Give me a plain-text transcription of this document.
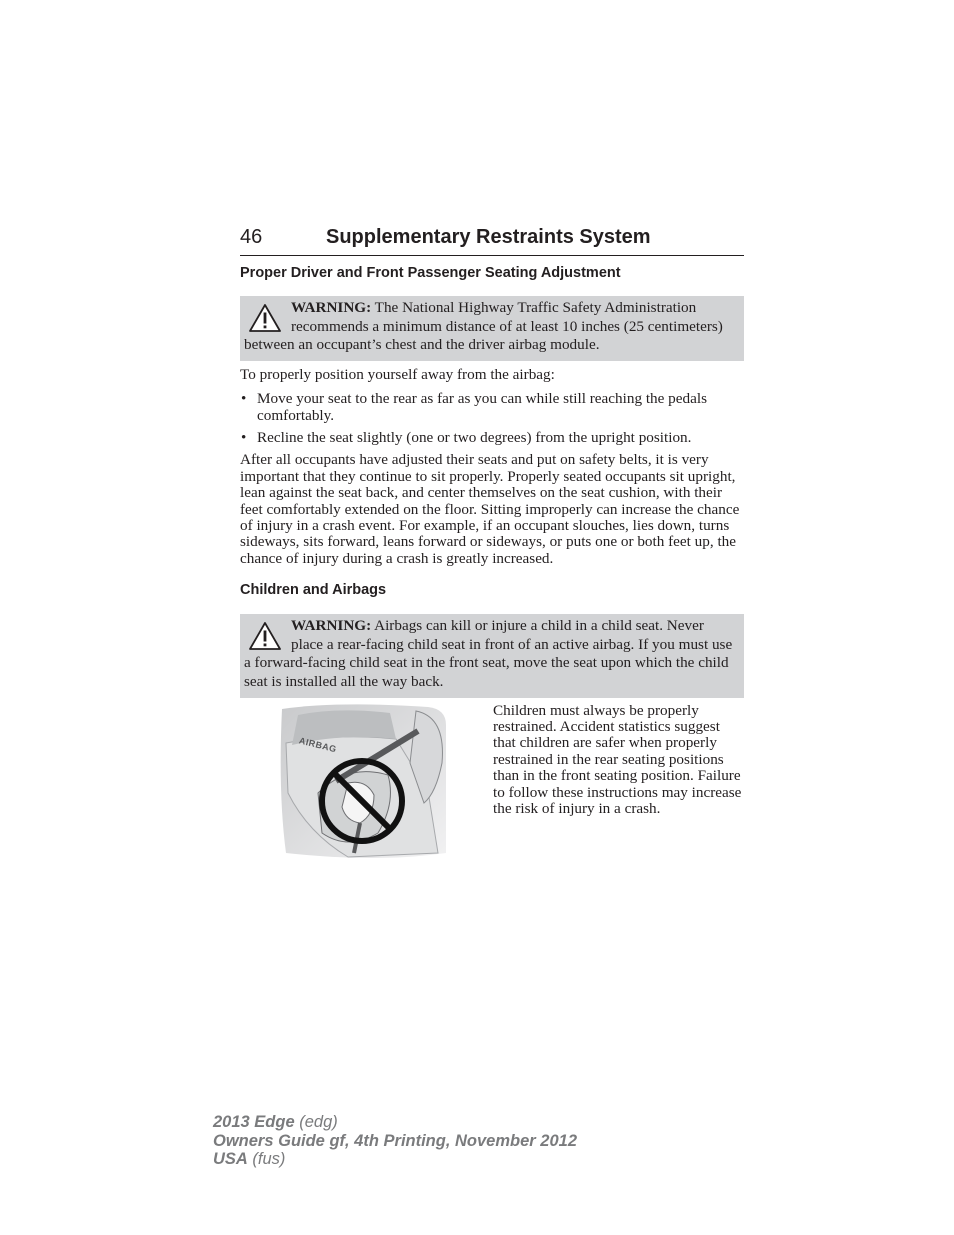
46	Supplementary Restraints System
Proper Driver and Front Passenger Seating Adjustment
WARNING: The National Highway Traffic Safety Administration recommends a minimum distance of at least 10 inches (25 centimeters) between an occupant’s chest and the driver airbag module.

To properly position yourself away from the airbag:

• Move your seat to the rear as far as you can while still reaching the pedals comfortably.
• Recline the seat slightly (one or two degrees) from the upright position.

After all occupants have adjusted their seats and put on safety belts, it is very important that they continue to sit properly. Properly seated occupants sit upright, lean against the seat back, and center themselves on the seat cushion, with their feet comfortably extended on the floor. Sitting improperly can increase the chance of injury in a crash event. For example, if an occupant slouches, lies down, turns sideways, sits forward, leans forward or sideways, or puts one or both feet up, the chance of injury during a crash is greatly increased.

Children and Airbags
WARNING: Airbags can kill or injure a child in a child seat. Never place a rear-facing child seat in front of an active airbag. If you must use a forward-facing child seat in the front seat, move the seat upon which the child seat is installed all the way back.
AIRBAG

Children must always be properly restrained. Accident statistics suggest that children are safer when properly restrained in the rear seating positions than in the front seating position. Failure to follow these instructions may increase the risk of injury in a crash.

2013 Edge (edg)
Owners Guide gf, 4th Printing, November 2012
USA (fus)
